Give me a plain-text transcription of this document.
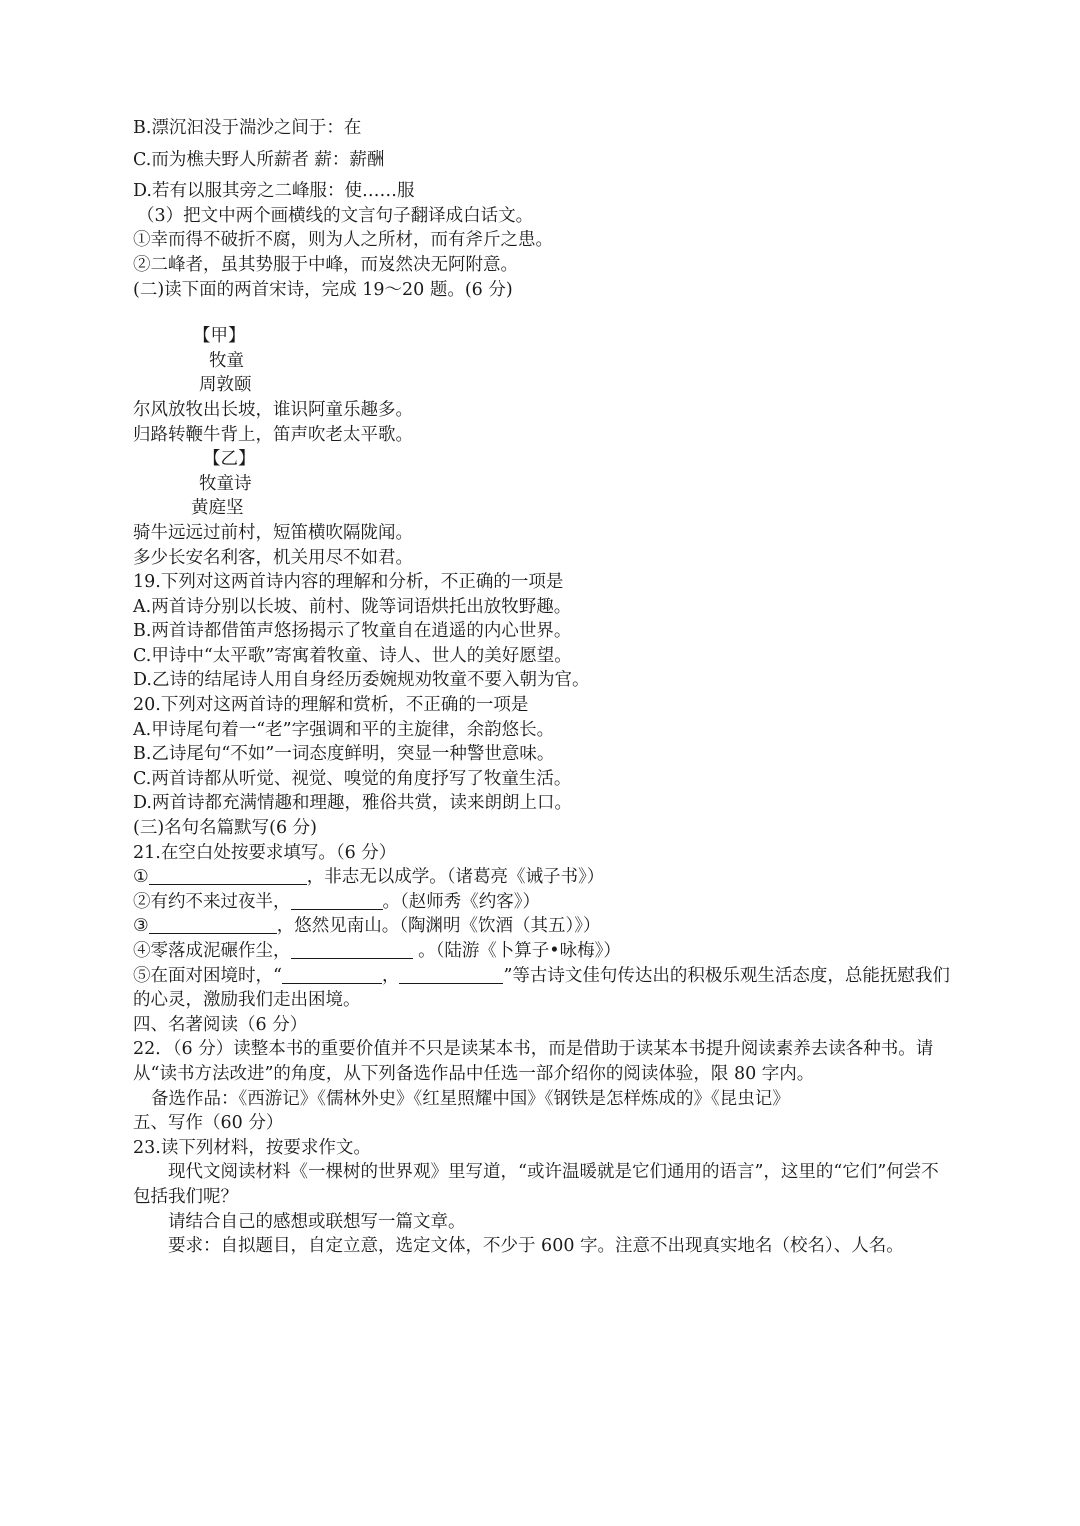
B.漂沉汩没于湍沙之间于：在
C.而为樵夫野人所薪者 薪：薪酬
D.若有以服其旁之二峰服：使……服
（3）把文中两个画横线的文言句子翻译成白话文。
①幸而得不破折不腐，则为人之所材，而有斧斤之患。
②二峰者，虽其势服于中峰，而岌然决无阿附意。
(二)读下面的两首宋诗，完成 19～20 题。(6 分)
【甲】
牧童
周敦颐
尔风放牧出长坡，谁识阿童乐趣多。
归路转鞭牛背上，笛声吹老太平歌。
【乙】
牧童诗
黄庭坚
骑牛远远过前村，短笛横吹隔陇闻。
多少长安名利客，机关用尽不如君。
19.下列对这两首诗内容的理解和分析，不正确的一项是
A.两首诗分别以长坡、前村、陇等词语烘托出放牧野趣。
B.两首诗都借笛声悠扬揭示了牧童自在逍遥的内心世界。
C.甲诗中“太平歌”寄寓着牧童、诗人、世人的美好愿望。
D.乙诗的结尾诗人用自身经历委婉规劝牧童不要入朝为官。
20.下列对这两首诗的理解和赏析，不正确的一项是
A.甲诗尾句着一“老”字强调和平的主旋律，余韵悠长。
B.乙诗尾句“不如”一词态度鲜明，突显一种警世意味。
C.两首诗都从听觉、视觉、嗅觉的角度抒写了牧童生活。
D.两首诗都充满情趣和理趣，雅俗共赏，读来朗朗上口。
(三)名句名篇默写(6 分)
21.在空白处按要求填写。（6 分）
①	，非志无以成学。（诸葛亮《诫子书》）
②有约不来过夜半，	。（赵师秀《约客》）
③	，悠然见南山。（陶渊明《饮酒（其五）》）
④零落成泥碾作尘，	。（陆游《卜算子•咏梅》）
⑤在面对困境时，“	，	”等古诗文佳句传达出的积极乐观生活态度，总能抚慰我们的心灵，激励我们走出困境。
四、名著阅读（6 分）
22．（6 分）读整本书的重要价值并不只是读某本书，而是借助于读某本书提升阅读素养去读各种书。请从“读书方法改进”的角度，从下列备选作品中任选一部介绍你的阅读体验，限 80 字内。
备选作品：《西游记》《儒林外史》《红星照耀中国》《钢铁是怎样炼成的》《昆虫记》
五、写作（60 分）
23.读下列材料，按要求作文。
现代文阅读材料《一棵树的世界观》里写道，“或许温暖就是它们通用的语言”，这里的“它们”何尝不包括我们呢？
请结合自己的感想或联想写一篇文章。
要求：自拟题目，自定立意，选定文体，不少于 600 字。注意不出现真实地名（校名）、人名。
